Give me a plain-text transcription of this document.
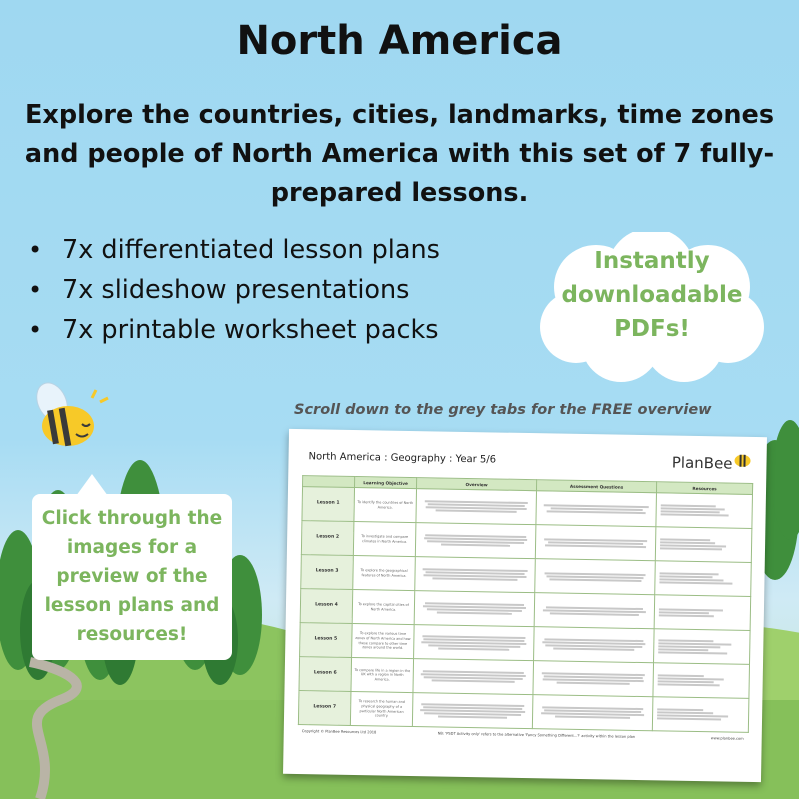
North America
Explore the countries, cities, landmarks, time zones and people of North America with this set of 7 fully-prepared lessons.
• 7x differentiated lesson plans
• 7x slideshow presentations
• 7x printable worksheet packs
Instantly
downloadable
PDFs!
Scroll down to the grey tabs for the FREE overview
Click through the
images for a
preview of the
lesson plans and
resources!
North America : Geography : Year 5/6	PlanBee
	Learning Objective	Overview	Assessment Questions	Resources
Lesson 1	To identify the countries of North America.	

Lesson 2	To investigate and compare climates in North America.	

Lesson 3	To explore the geographical features of North America.	

Lesson 4	To explore the capital cities of North America.	

Lesson 5	To explore the various time zones of North America and how these compare to other time zones around the world.	

Lesson 6	To compare life in a region in the UK with a region in North America.	

Lesson 7	To research the human and physical geography of a particular North American country.	

Copyright © PlanBee Resources Ltd 2018	NB: 'PSDT Activity only' refers to the alternative 'Fancy Something Different...?' activity within the lesson plan	www.planbee.com
